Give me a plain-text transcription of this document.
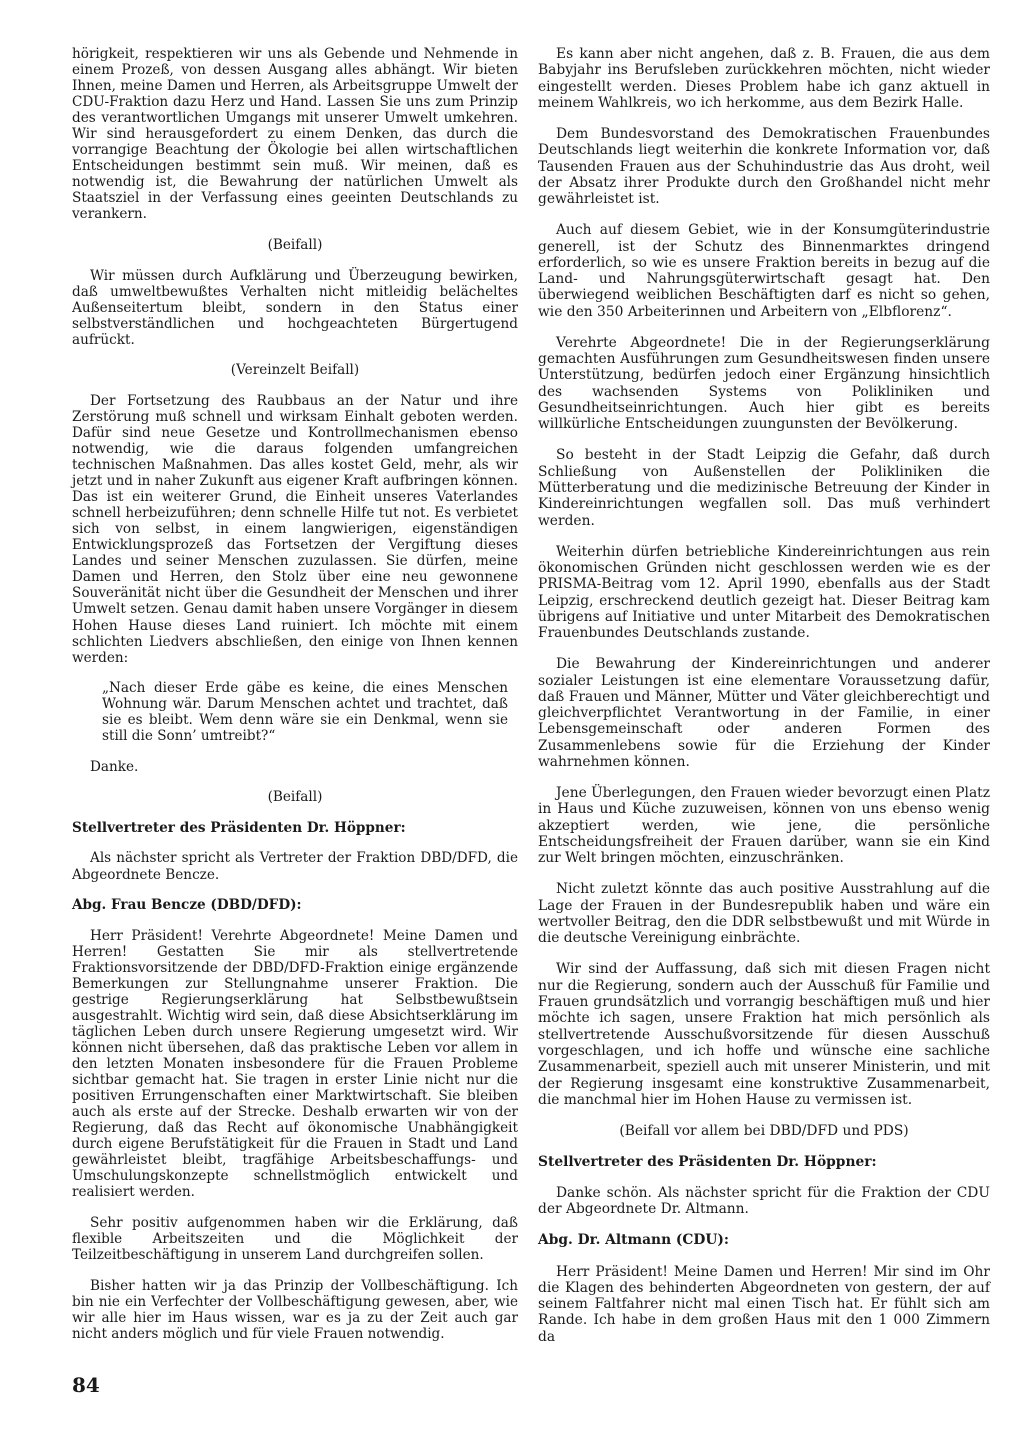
hörigkeit, respektieren wir uns als Gebende und Nehmende in einem Prozeß, von dessen Ausgang alles abhängt. Wir bieten Ihnen, meine Damen und Herren, als Arbeitsgruppe Umwelt der CDU-Fraktion dazu Herz und Hand. Lassen Sie uns zum Prinzip des verantwortlichen Umgangs mit unserer Umwelt umkehren. Wir sind herausgefordert zu einem Denken, das durch die vorrangige Beachtung der Ökologie bei allen wirtschaftlichen Entscheidungen bestimmt sein muß. Wir meinen, daß es notwendig ist, die Bewahrung der natürlichen Umwelt als Staatsziel in der Verfassung eines geeinten Deutschlands zu verankern.

(Beifall)

Wir müssen durch Aufklärung und Überzeugung bewirken, daß umweltbewußtes Verhalten nicht mitleidig belächeltes Außenseitertum bleibt, sondern in den Status einer selbstverständlichen und hochgeachteten Bürgertugend aufrückt.

(Vereinzelt Beifall)

Der Fortsetzung des Raubbaus an der Natur und ihre Zerstörung muß schnell und wirksam Einhalt geboten werden. Dafür sind neue Gesetze und Kontrollmechanismen ebenso notwendig, wie die daraus folgenden umfangreichen technischen Maßnahmen. Das alles kostet Geld, mehr, als wir jetzt und in naher Zukunft aus eigener Kraft aufbringen können. Das ist ein weiterer Grund, die Einheit unseres Vaterlandes schnell herbeizuführen; denn schnelle Hilfe tut not. Es verbietet sich von selbst, in einem langwierigen, eigenständigen Entwicklungsprozeß das Fortsetzen der Vergiftung dieses Landes und seiner Menschen zuzulassen. Sie dürfen, meine Damen und Herren, den Stolz über eine neu gewonnene Souveränität nicht über die Gesundheit der Menschen und ihrer Umwelt setzen. Genau damit haben unsere Vorgänger in diesem Hohen Hause dieses Land ruiniert. Ich möchte mit einem schlichten Liedvers abschließen, den einige von Ihnen kennen werden:

„Nach dieser Erde gäbe es keine, die eines Menschen Wohnung wär. Darum Menschen achtet und trachtet, daß sie es bleibt. Wem denn wäre sie ein Denkmal, wenn sie still die Sonn’ umtreibt?“

Danke.

(Beifall)

Stellvertreter des Präsidenten Dr. Höppner:

Als nächster spricht als Vertreter der Fraktion DBD/DFD, die Abgeordnete Bencze.

Abg. Frau Bencze (DBD/DFD):

Herr Präsident! Verehrte Abgeordnete! Meine Damen und Herren! Gestatten Sie mir als stellvertretende Fraktionsvorsitzende der DBD/DFD-Fraktion einige ergänzende Bemerkungen zur Stellungnahme unserer Fraktion. Die gestrige Regierungserklärung hat Selbstbewußtsein ausgestrahlt. Wichtig wird sein, daß diese Absichtserklärung im täglichen Leben durch unsere Regierung umgesetzt wird. Wir können nicht übersehen, daß das praktische Leben vor allem in den letzten Monaten insbesondere für die Frauen Probleme sichtbar gemacht hat. Sie tragen in erster Linie nicht nur die positiven Errungenschaften einer Marktwirtschaft. Sie bleiben auch als erste auf der Strecke. Deshalb erwarten wir von der Regierung, daß das Recht auf ökonomische Unabhängigkeit durch eigene Berufstätigkeit für die Frauen in Stadt und Land gewährleistet bleibt, tragfähige Arbeitsbeschaffungs- und Umschulungskonzepte schnellstmöglich entwickelt und realisiert werden.

Sehr positiv aufgenommen haben wir die Erklärung, daß flexible Arbeitszeiten und die Möglichkeit der Teilzeitbeschäftigung in unserem Land durchgreifen sollen.

Bisher hatten wir ja das Prinzip der Vollbeschäftigung. Ich bin nie ein Verfechter der Vollbeschäftigung gewesen, aber, wie wir alle hier im Haus wissen, war es ja zu der Zeit auch gar nicht anders möglich und für viele Frauen notwendig.

Es kann aber nicht angehen, daß z. B. Frauen, die aus dem Babyjahr ins Berufsleben zurückkehren möchten, nicht wieder eingestellt werden. Dieses Problem habe ich ganz aktuell in meinem Wahlkreis, wo ich herkomme, aus dem Bezirk Halle.

Dem Bundesvorstand des Demokratischen Frauenbundes Deutschlands liegt weiterhin die konkrete Information vor, daß Tausenden Frauen aus der Schuhindustrie das Aus droht, weil der Absatz ihrer Produkte durch den Großhandel nicht mehr gewährleistet ist.

Auch auf diesem Gebiet, wie in der Konsumgüterindustrie generell, ist der Schutz des Binnenmarktes dringend erforderlich, so wie es unsere Fraktion bereits in bezug auf die Land- und Nahrungsgüterwirtschaft gesagt hat. Den überwiegend weiblichen Beschäftigten darf es nicht so gehen, wie den 350 Arbeiterinnen und Arbeitern von „Elbflorenz“.

Verehrte Abgeordnete! Die in der Regierungserklärung gemachten Ausführungen zum Gesundheitswesen finden unsere Unterstützung, bedürfen jedoch einer Ergänzung hinsichtlich des wachsenden Systems von Polikliniken und Gesundheitseinrichtungen. Auch hier gibt es bereits willkürliche Entscheidungen zuungunsten der Bevölkerung.

So besteht in der Stadt Leipzig die Gefahr, daß durch Schließung von Außenstellen der Polikliniken die Mütterberatung und die medizinische Betreuung der Kinder in Kindereinrichtungen wegfallen soll. Das muß verhindert werden.

Weiterhin dürfen betriebliche Kindereinrichtungen aus rein ökonomischen Gründen nicht geschlossen werden wie es der PRISMA-Beitrag vom 12. April 1990, ebenfalls aus der Stadt Leipzig, erschreckend deutlich gezeigt hat. Dieser Beitrag kam übrigens auf Initiative und unter Mitarbeit des Demokratischen Frauenbundes Deutschlands zustande.

Die Bewahrung der Kindereinrichtungen und anderer sozialer Leistungen ist eine elementare Voraussetzung dafür, daß Frauen und Männer, Mütter und Väter gleichberechtigt und gleichverpflichtet Verantwortung in der Familie, in einer Lebensgemeinschaft oder anderen Formen des Zusammenlebens sowie für die Erziehung der Kinder wahrnehmen können.

Jene Überlegungen, den Frauen wieder bevorzugt einen Platz in Haus und Küche zuzuweisen, können von uns ebenso wenig akzeptiert werden, wie jene, die persönliche Entscheidungsfreiheit der Frauen darüber, wann sie ein Kind zur Welt bringen möchten, einzuschränken.

Nicht zuletzt könnte das auch positive Ausstrahlung auf die Lage der Frauen in der Bundesrepublik haben und wäre ein wertvoller Beitrag, den die DDR selbstbewußt und mit Würde in die deutsche Vereinigung einbrächte.

Wir sind der Auffassung, daß sich mit diesen Fragen nicht nur die Regierung, sondern auch der Ausschuß für Familie und Frauen grundsätzlich und vorrangig beschäftigen muß und hier möchte ich sagen, unsere Fraktion hat mich persönlich als stellvertretende Ausschußvorsitzende für diesen Ausschuß vorgeschlagen, und ich hoffe und wünsche eine sachliche Zusammenarbeit, speziell auch mit unserer Ministerin, und mit der Regierung insgesamt eine konstruktive Zusammenarbeit, die manchmal hier im Hohen Hause zu vermissen ist.

(Beifall vor allem bei DBD/DFD und PDS)

Stellvertreter des Präsidenten Dr. Höppner:

Danke schön. Als nächster spricht für die Fraktion der CDU der Abgeordnete Dr. Altmann.

Abg. Dr. Altmann (CDU):

Herr Präsident! Meine Damen und Herren! Mir sind im Ohr die Klagen des behinderten Abgeordneten von gestern, der auf seinem Faltfahrer nicht mal einen Tisch hat. Er fühlt sich am Rande. Ich habe in dem großen Haus mit den 1 000 Zimmern da

84
